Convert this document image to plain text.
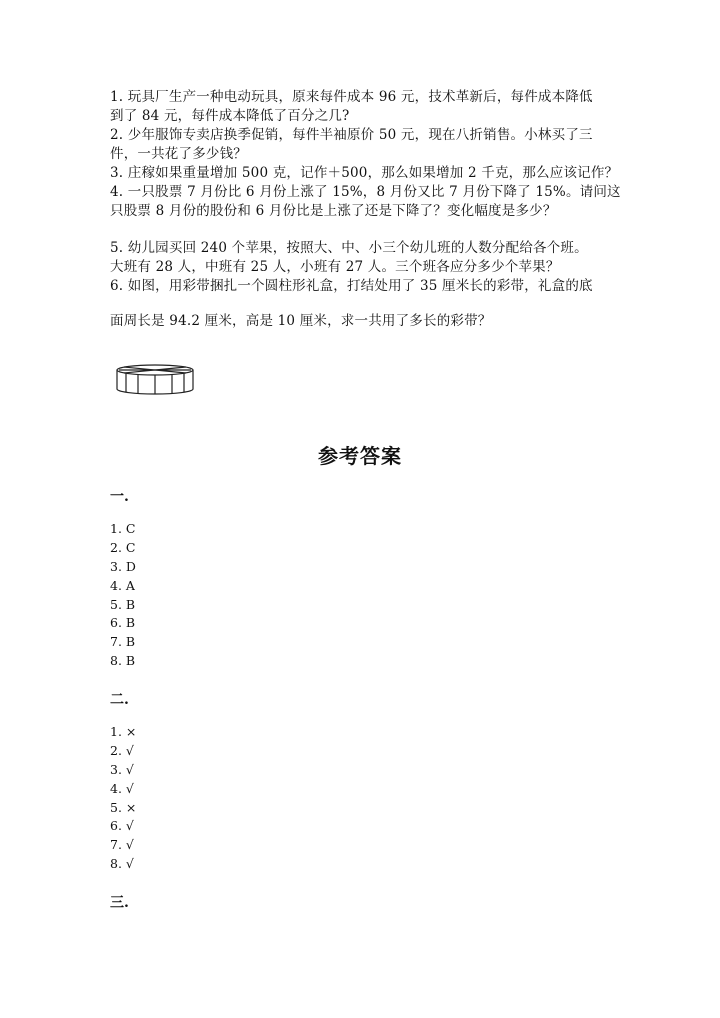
1. 玩具厂生产一种电动玩具，原来每件成本 96 元，技术革新后，每件成本降低
到了 84 元，每件成本降低了百分之几?
2. 少年服饰专卖店换季促销，每件半袖原价 50 元，现在八折销售。小林买了三
件，一共花了多少钱？
3. 庄稼如果重量增加 500 克，记作＋500，那么如果增加 2 千克，那么应该记作？
4. 一只股票 7 月份比 6 月份上涨了 15%，8 月份又比 7 月份下降了 15%。请问这
只股票 8 月份的股份和 6 月份比是上涨了还是下降了？变化幅度是多少？
5. 幼儿园买回 240 个苹果，按照大、中、小三个幼儿班的人数分配给各个班。
大班有 28 人，中班有 25 人，小班有 27 人。三个班各应分多少个苹果？
6. 如图，用彩带捆扎一个圆柱形礼盒，打结处用了 35 厘米长的彩带，礼盒的底
面周长是 94.2 厘米，高是 10 厘米，求一共用了多长的彩带？
参考答案
一.
1. C
2. C
3. D
4. A
5. B
6. B
7. B
8. B
二.
1. ×
2. √
3. √
4. √
5. ×
6. √
7. √
8. √
三.
